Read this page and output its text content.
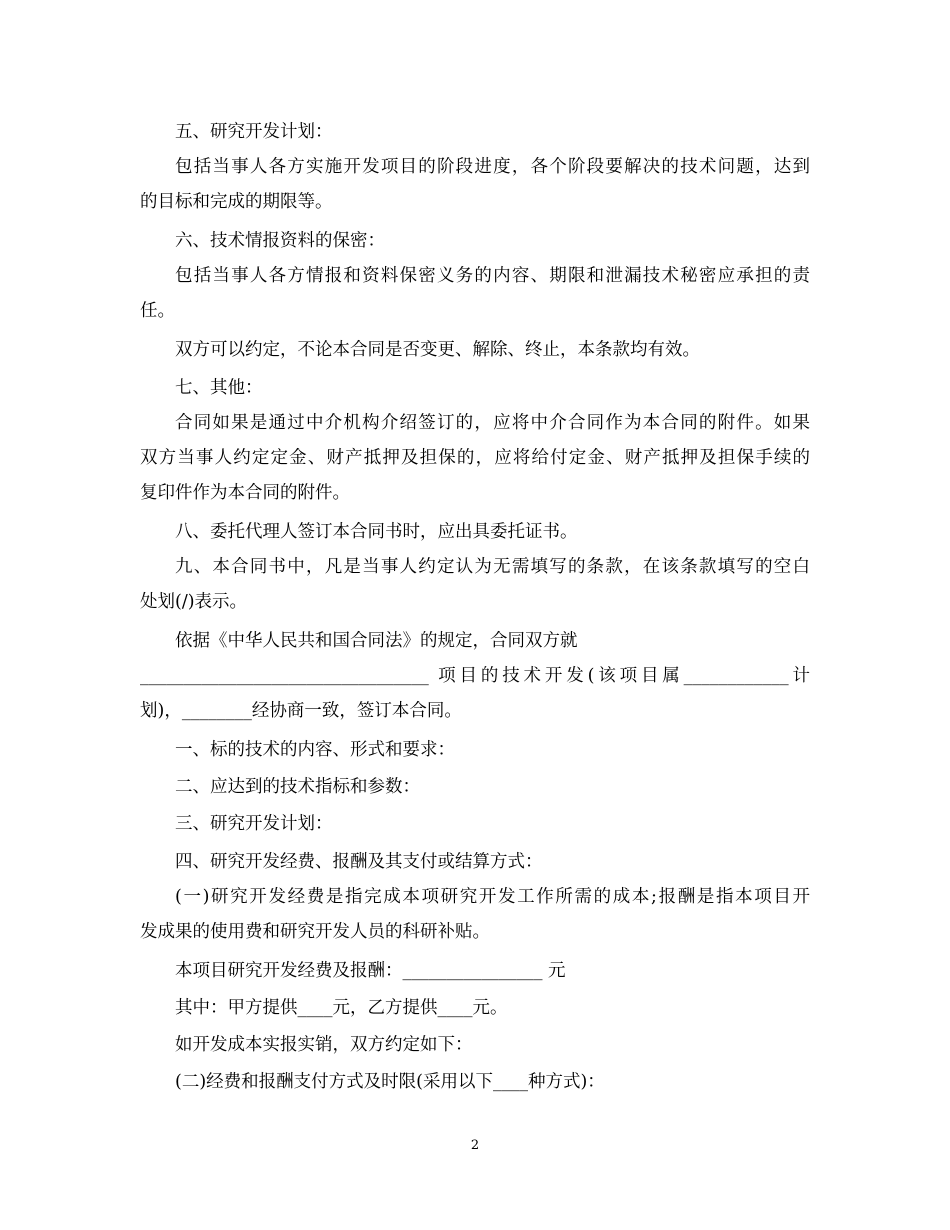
五、研究开发计划：
包括当事人各方实施开发项目的阶段进度，各个阶段要解决的技术问题，达到
的目标和完成的期限等。
六、技术情报资料的保密：
包括当事人各方情报和资料保密义务的内容、期限和泄漏技术秘密应承担的责
任。
双方可以约定，不论本合同是否变更、解除、终止，本条款均有效。
七、其他：
合同如果是通过中介机构介绍签订的，应将中介合同作为本合同的附件。如果
双方当事人约定定金、财产抵押及担保的，应将给付定金、财产抵押及担保手续的
复印件作为本合同的附件。
八、委托代理人签订本合同书时，应出具委托证书。
九、本合同书中，凡是当事人约定认为无需填写的条款，在该条款填写的空白
处划(/)表示。
依据《中华人民共和国合同法》的规定，合同双方就
_________________________________ 项目的技术开发(该项目属____________计
划)，________经协商一致，签订本合同。
一、标的技术的内容、形式和要求：
二、应达到的技术指标和参数：
三、研究开发计划：
四、研究开发经费、报酬及其支付或结算方式：
(一)研究开发经费是指完成本项研究开发工作所需的成本;报酬是指本项目开
发成果的使用费和研究开发人员的科研补贴。
本项目研究开发经费及报酬：________________ 元
其中：甲方提供____元，乙方提供____元。
如开发成本实报实销，双方约定如下：
(二)经费和报酬支付方式及时限(采用以下____种方式)：
2
